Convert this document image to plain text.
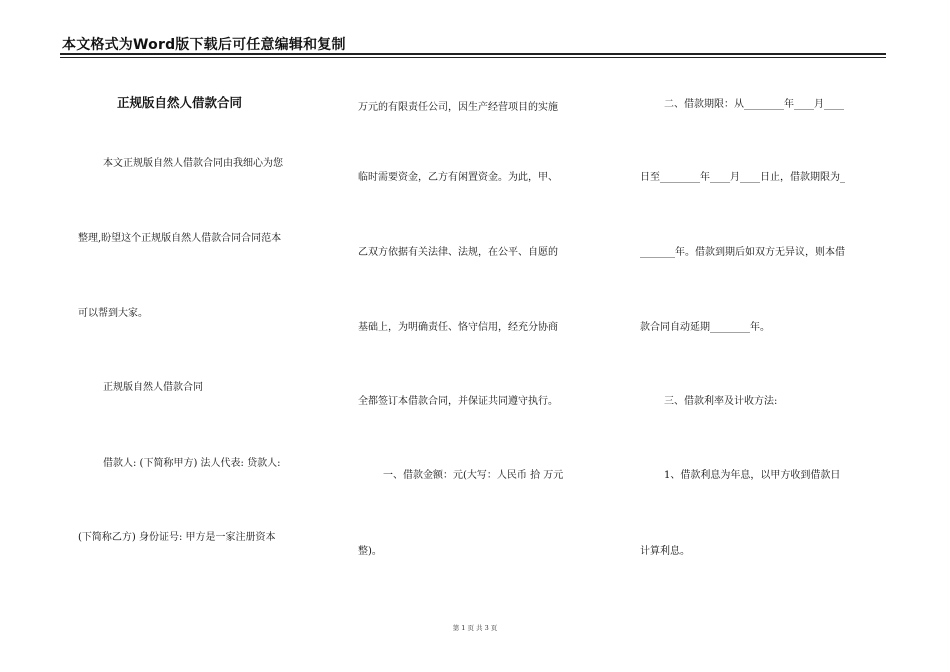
本文格式为Word版下载后可任意编辑和复制
正规版自然人借款合同
本文正规版自然人借款合同由我细心为您
整理,盼望这个正规版自然人借款合同合同范本
可以帮到大家。
正规版自然人借款合同
借款人: (下简称甲方) 法人代表: 贷款人:
(下简称乙方) 身份证号: 甲方是一家注册资本
万元的有限责任公司，因生产经营项目的实施
临时需要资金，乙方有闲置资金。为此，甲、
乙双方依据有关法律、法规，在公平、自愿的
基础上，为明确责任、恪守信用，经充分协商
全都签订本借款合同，并保证共同遵守执行。
一、借款金额：元(大写：人民币 拾 万元
整)。
二、借款期限：从________年____月____
日至________年____月____日止，借款期限为_
_______年。借款到期后如双方无异议，则本借
款合同自动延期________年。
三、借款利率及计收方法:
1、借款利息为年息，以甲方收到借款日
计算利息。
第 1 页 共 3 页
